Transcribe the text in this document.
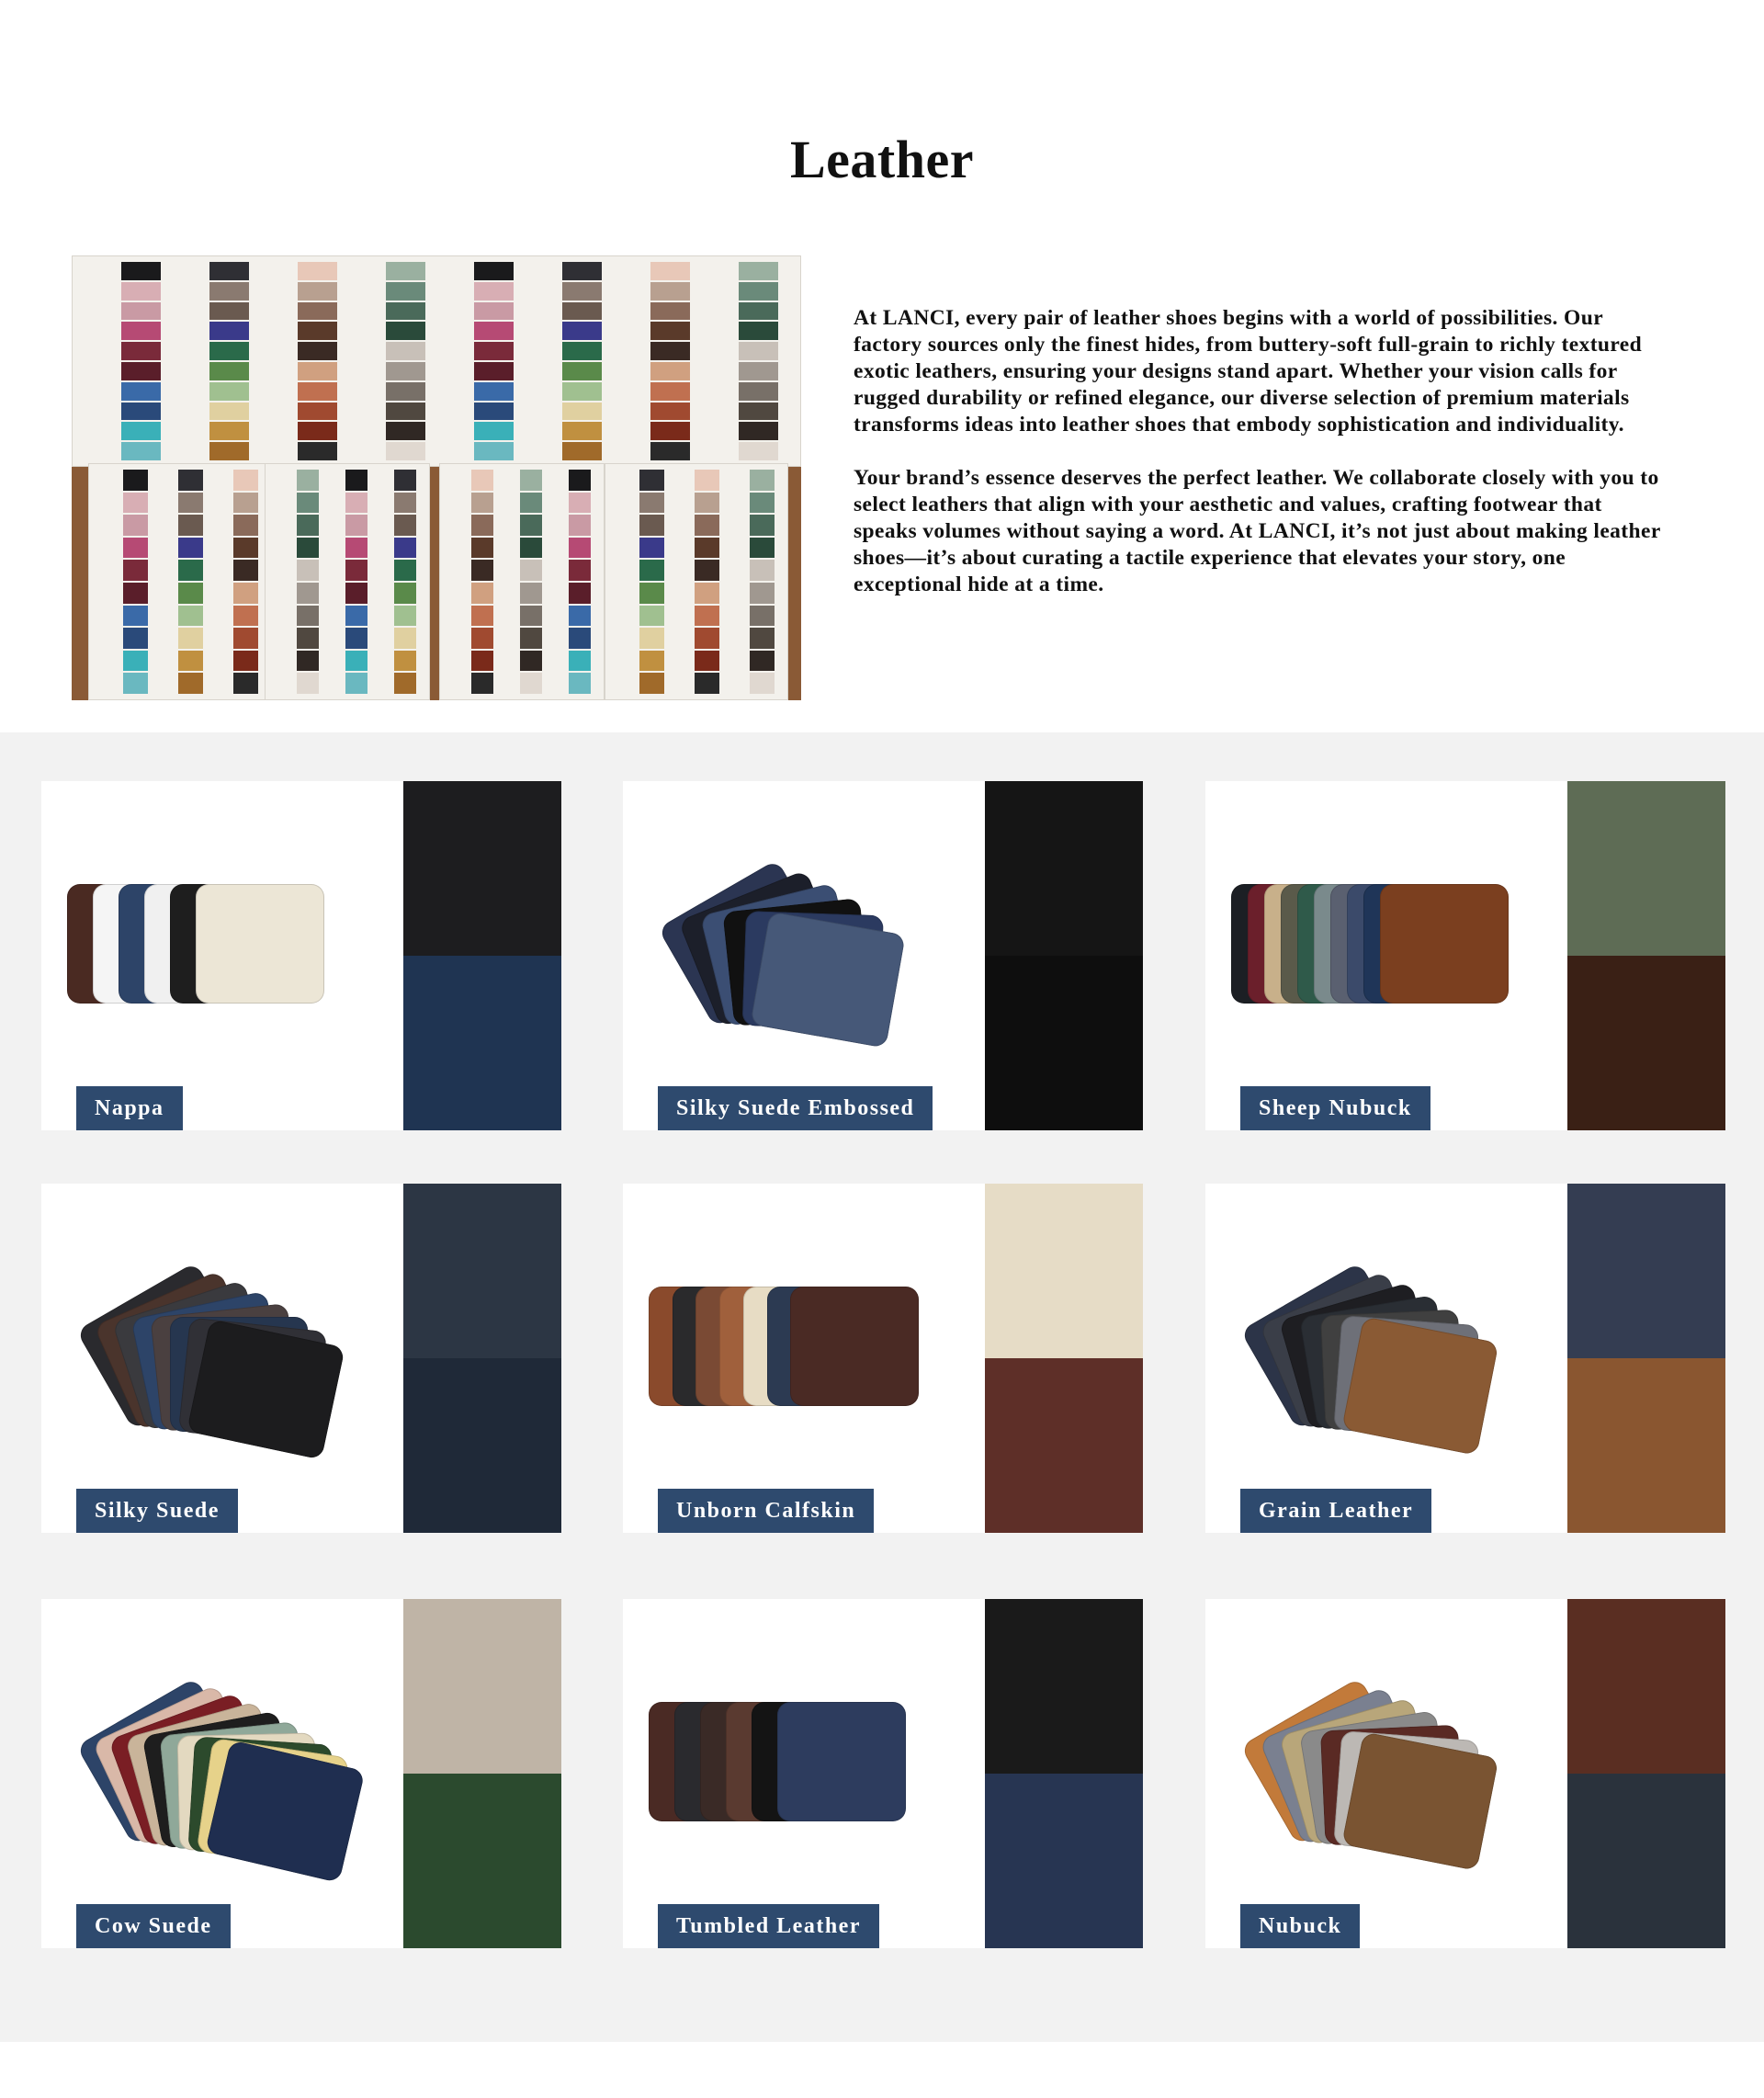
Leather

At LANCI, every pair of leather shoes begins with a world of possibilities. Our factory sources only the finest hides, from buttery-soft full-grain to richly textured exotic leathers, ensuring your designs stand apart. Whether your vision calls for rugged durability or refined elegance, our diverse selection of premium materials transforms ideas into leather shoes that embody sophistication and individuality.

Your brand’s essence deserves the perfect leather. We collaborate closely with you to select leathers that align with your aesthetic and values, crafting footwear that speaks volumes without saying a word. At LANCI, it’s not just about making leather shoes—it’s about curating a tactile experience that elevates your story, one exceptional hide at a time.

Nappa	Silky Suede Embossed	Sheep Nubuck
Silky Suede	Unborn Calfskin	Grain Leather
Cow Suede	Tumbled Leather	Nubuck
